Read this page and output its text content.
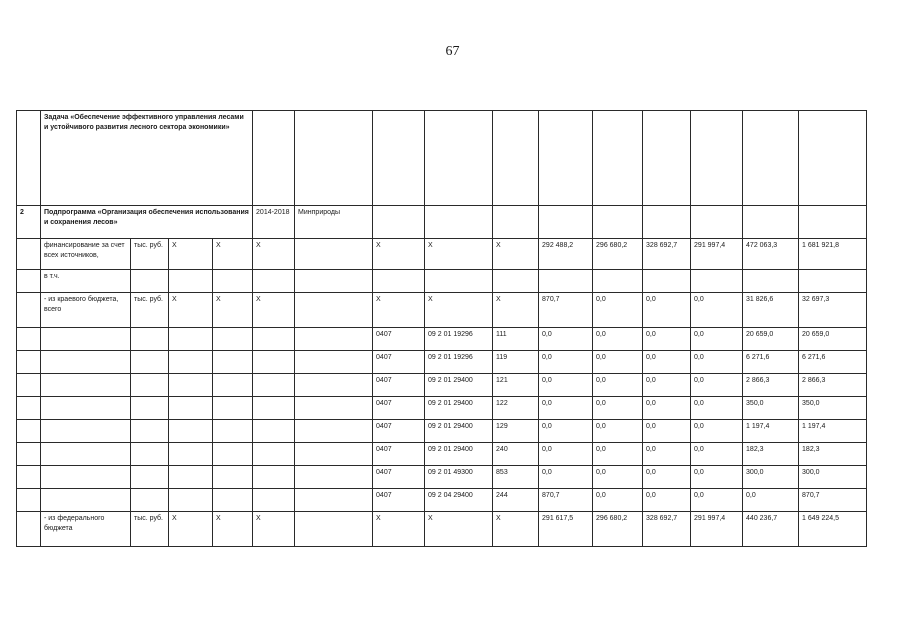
67
	Задача «Обеспечение эффективного управления лесами и устойчивого развития лесного сектора экономики»														
2	Подпрограмма «Организация обеспечения использования и сохранения лесов»				2014-2018	Минприроды									
	финансирование за счет всех источников,	тыс. руб.	Х	Х	Х		Х	Х	Х	292 488,2	296 680,2	328 692,7	291 997,4	472 063,3	1 681 921,8
	в т.ч.														
	- из краевого бюджета, всего	тыс. руб.	Х	Х	Х		Х	Х	Х	870,7	0,0	0,0	0,0	31 826,6	32 697,3
							0407	09 2 01 19296	111	0,0	0,0	0,0	0,0	20 659,0	20 659,0
							0407	09 2 01 19296	119	0,0	0,0	0,0	0,0	6 271,6	6 271,6
							0407	09 2 01 29400	121	0,0	0,0	0,0	0,0	2 866,3	2 866,3
							0407	09 2 01 29400	122	0,0	0,0	0,0	0,0	350,0	350,0
							0407	09 2 01 29400	129	0,0	0,0	0,0	0,0	1 197,4	1 197,4
							0407	09 2 01 29400	240	0,0	0,0	0,0	0,0	182,3	182,3
							0407	09 2 01 49300	853	0,0	0,0	0,0	0,0	300,0	300,0
							0407	09 2 04 29400	244	870,7	0,0	0,0	0,0	0,0	870,7
	- из федерального бюджета	тыс. руб.	Х	Х	Х		Х	Х	Х	291 617,5	296 680,2	328 692,7	291 997,4	440 236,7	1 649 224,5
